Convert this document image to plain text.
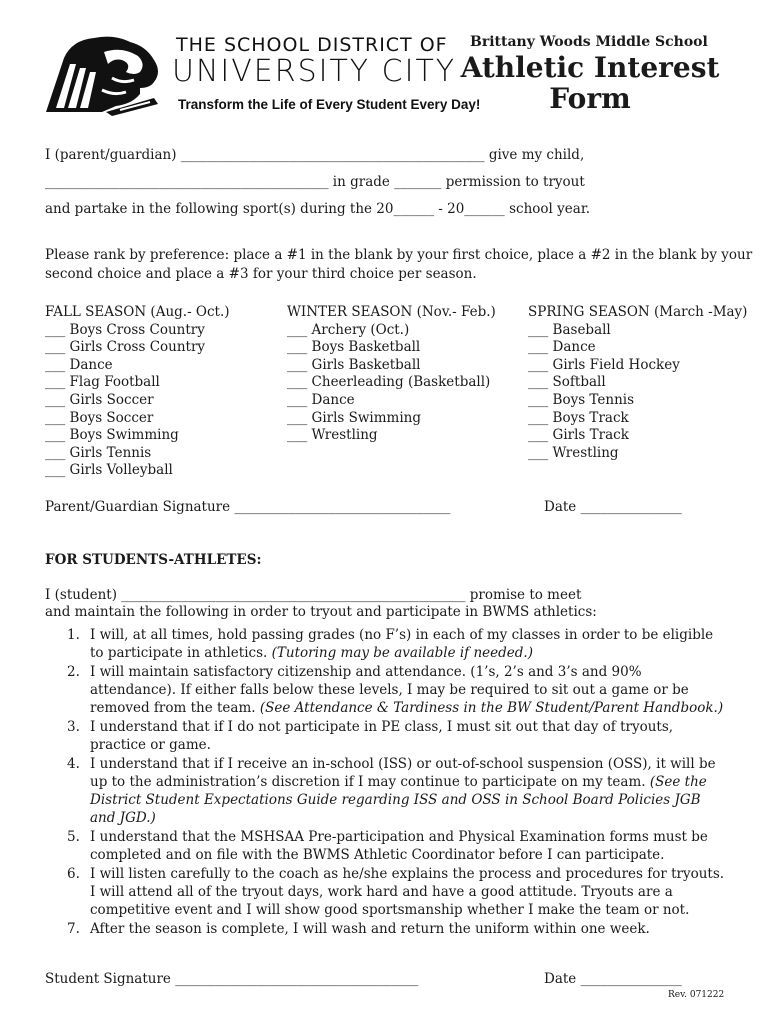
THE SCHOOL DISTRICT OF
UNIVERSITY CITY
Transform the Life of Every Student Every Day!
Brittany Woods Middle School
Athletic Interest
Form
I (parent/guardian) _____________________________________________ give my child,
__________________________________________ in grade _______ permission to tryout
and partake in the following sport(s) during the 20______ - 20______ school year.
Please rank by preference: place a #1 in the blank by your first choice, place a #2 in the blank by your
second choice and place a #3 for your third choice per season.
FALL SEASON (Aug.- Oct.)
___ Boys Cross Country
___ Girls Cross Country
___ Dance
___ Flag Football
___ Girls Soccer
___ Boys Soccer
___ Boys Swimming
___ Girls Tennis
___ Girls Volleyball
WINTER SEASON (Nov.- Feb.)
___ Archery (Oct.)
___ Boys Basketball
___ Girls Basketball
___ Cheerleading (Basketball)
___ Dance
___ Girls Swimming
___ Wrestling
SPRING SEASON (March -May)
___ Baseball
___ Dance
___ Girls Field Hockey
___ Softball
___ Boys Tennis
___ Boys Track
___ Girls Track
___ Wrestling
Parent/Guardian Signature ________________________________	Date _______________
FOR STUDENTS-ATHLETES:
I (student) ___________________________________________________ promise to meet
and maintain the following in order to tryout and participate in BWMS athletics:
1. I will, at all times, hold passing grades (no F’s) in each of my classes in order to be eligible to participate in athletics. (Tutoring may be available if needed.)
2. I will maintain satisfactory citizenship and attendance. (1’s, 2’s and 3’s and 90% attendance). If either falls below these levels, I may be required to sit out a game or be removed from the team. (See Attendance & Tardiness in the BW Student/Parent Handbook.)
3. I understand that if I do not participate in PE class, I must sit out that day of tryouts, practice or game.
4. I understand that if I receive an in-school (ISS) or out-of-school suspension (OSS), it will be up to the administration’s discretion if I may continue to participate on my team. (See the District Student Expectations Guide regarding ISS and OSS in School Board Policies JGB and JGD.)
5. I understand that the MSHSAA Pre-participation and Physical Examination forms must be completed and on file with the BWMS Athletic Coordinator before I can participate.
6. I will listen carefully to the coach as he/she explains the process and procedures for tryouts. I will attend all of the tryout days, work hard and have a good attitude. Tryouts are a competitive event and I will show good sportsmanship whether I make the team or not.
7. After the season is complete, I will wash and return the uniform within one week.
Student Signature ____________________________________	Date _______________
Rev. 071222
